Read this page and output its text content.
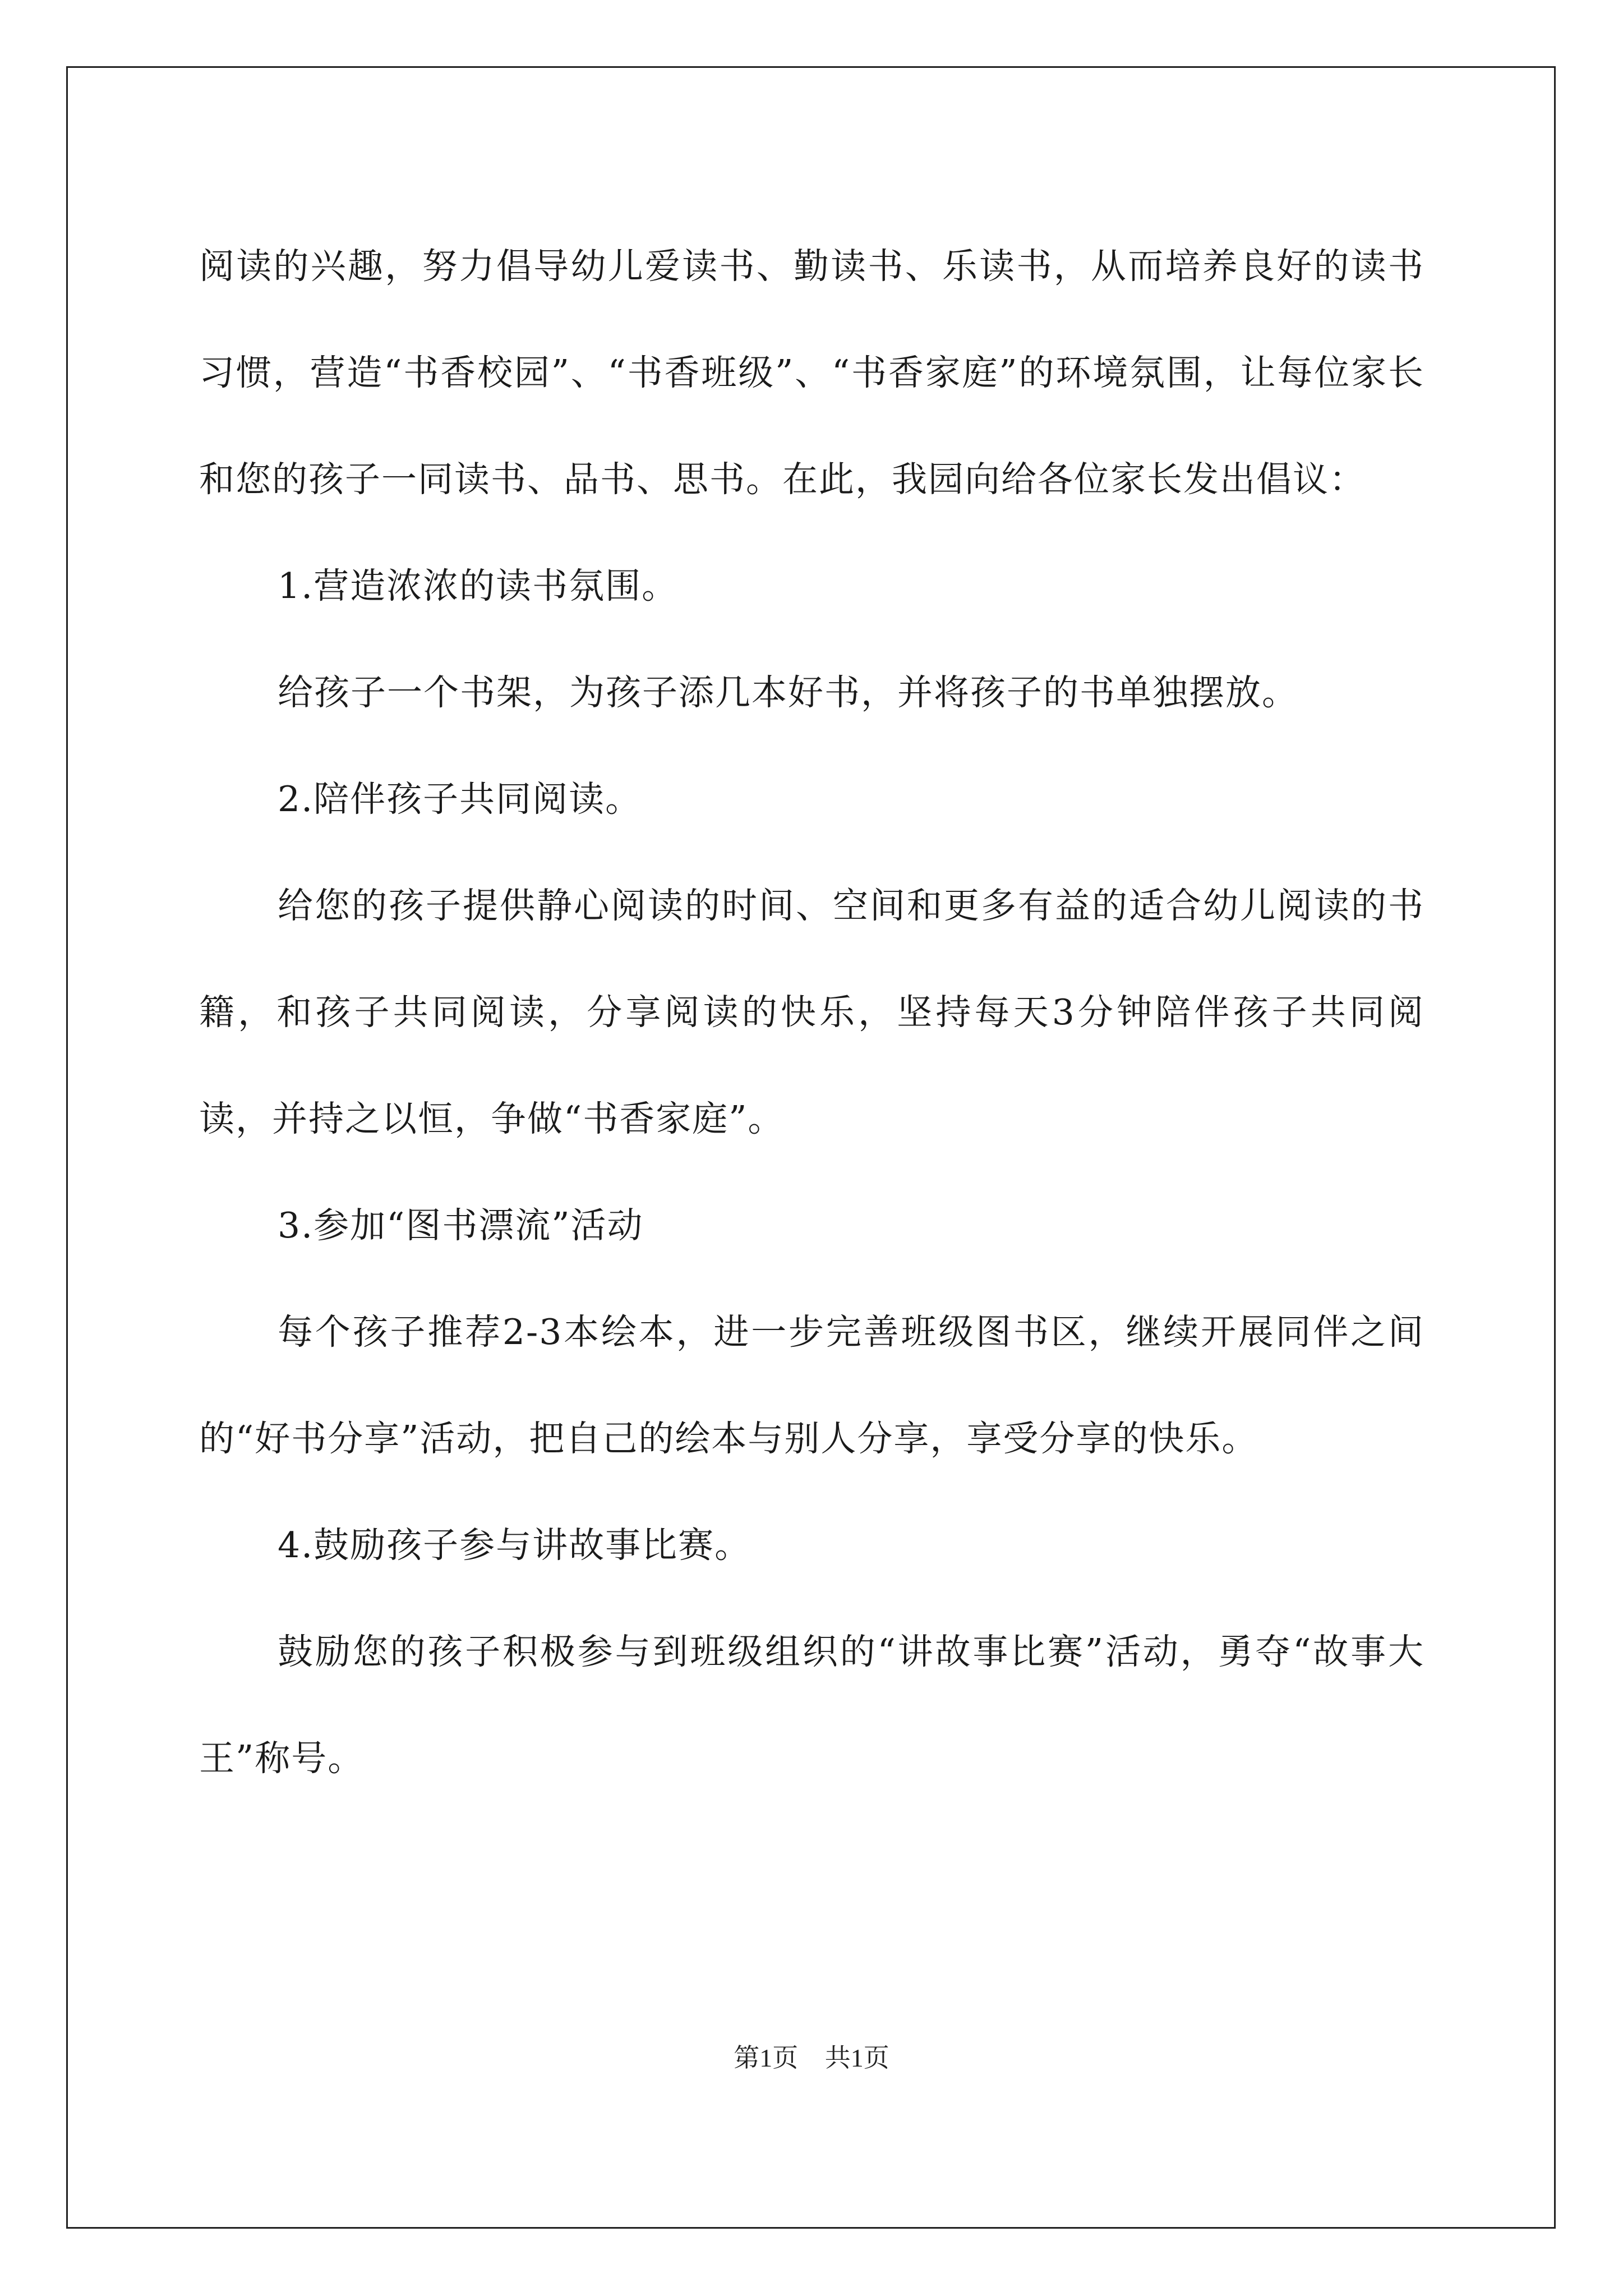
阅读的兴趣，努力倡导幼儿爱读书、勤读书、乐读书，从而培养良好的读书习惯，营造“书香校园”、“书香班级”、“书香家庭”的环境氛围，让每位家长和您的孩子一同读书、品书、思书。在此，我园向给各位家长发出倡议：

1.营造浓浓的读书氛围。

给孩子一个书架，为孩子添几本好书，并将孩子的书单独摆放。

2.陪伴孩子共同阅读。

给您的孩子提供静心阅读的时间、空间和更多有益的适合幼儿阅读的书籍，和孩子共同阅读，分享阅读的快乐，坚持每天3分钟陪伴孩子共同阅读，并持之以恒，争做“书香家庭”。

3.参加“图书漂流”活动

每个孩子推荐2-3本绘本，进一步完善班级图书区，继续开展同伴之间的“好书分享”活动，把自己的绘本与别人分享，享受分享的快乐。

4.鼓励孩子参与讲故事比赛。

鼓励您的孩子积极参与到班级组织的“讲故事比赛”活动，勇夺“故事大王”称号。

第1页 共1页
